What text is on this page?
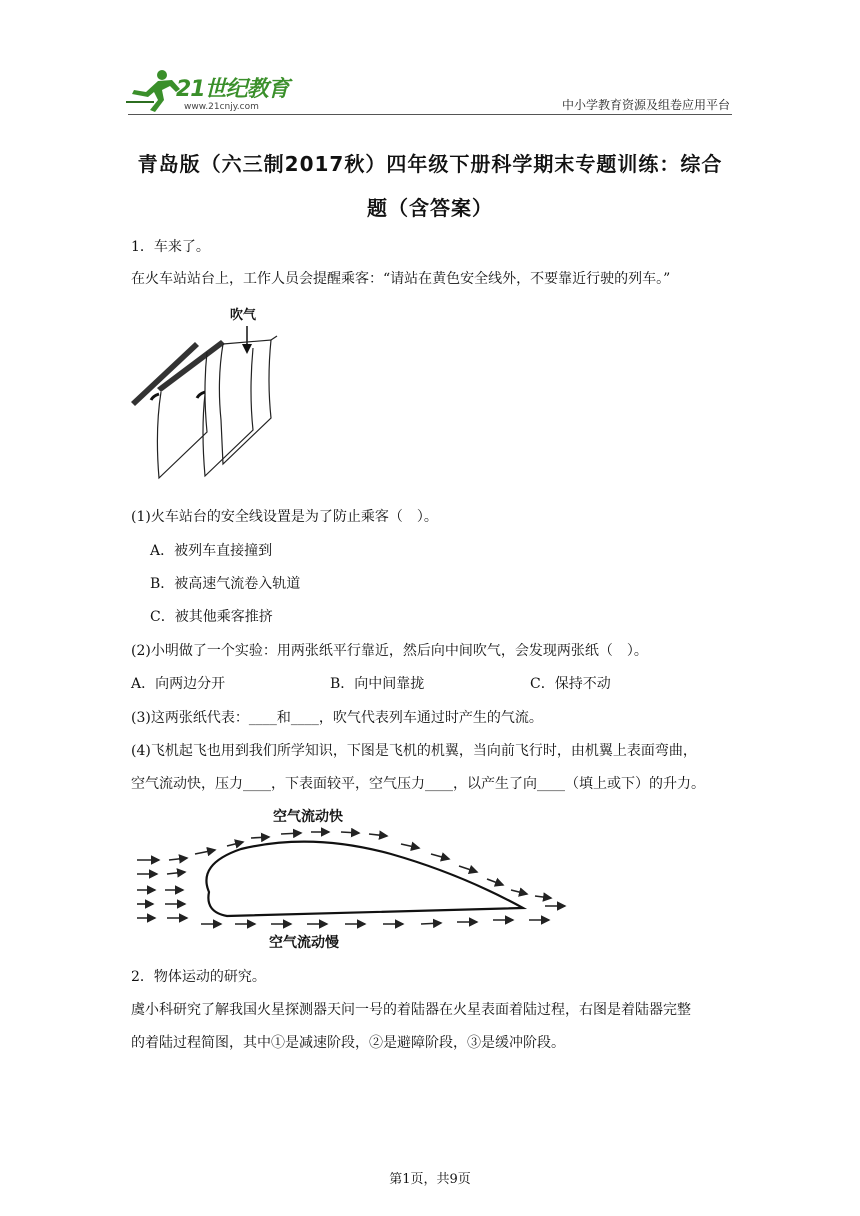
21世纪教育
www.21cnjy.com	中小学教育资源及组卷应用平台
青岛版（六三制2017秋）四年级下册科学期末专题训练：综合
题（含答案）
1．车来了。
在火车站站台上，工作人员会提醒乘客：“请站在黄色安全线外，不要靠近行驶的列车。”
吹气
(1)火车站台的安全线设置是为了防止乘客（　）。
A．被列车直接撞到
B．被高速气流卷入轨道
C．被其他乘客推挤
(2)小明做了一个实验：用两张纸平行靠近，然后向中间吹气，会发现两张纸（　）。
A．向两边分开	B．向中间靠拢	C．保持不动
(3)这两张纸代表：____和____，吹气代表列车通过时产生的气流。
(4)飞机起飞也用到我们所学知识，下图是飞机的机翼，当向前飞行时，由机翼上表面弯曲，
空气流动快，压力____，下表面较平，空气压力____，以产生了向____（填上或下）的升力。
空气流动快
空气流动慢
2．物体运动的研究。
虞小科研究了解我国火星探测器天问一号的着陆器在火星表面着陆过程，右图是着陆器完整
的着陆过程简图，其中①是减速阶段，②是避障阶段，③是缓冲阶段。
第1页，共9页
